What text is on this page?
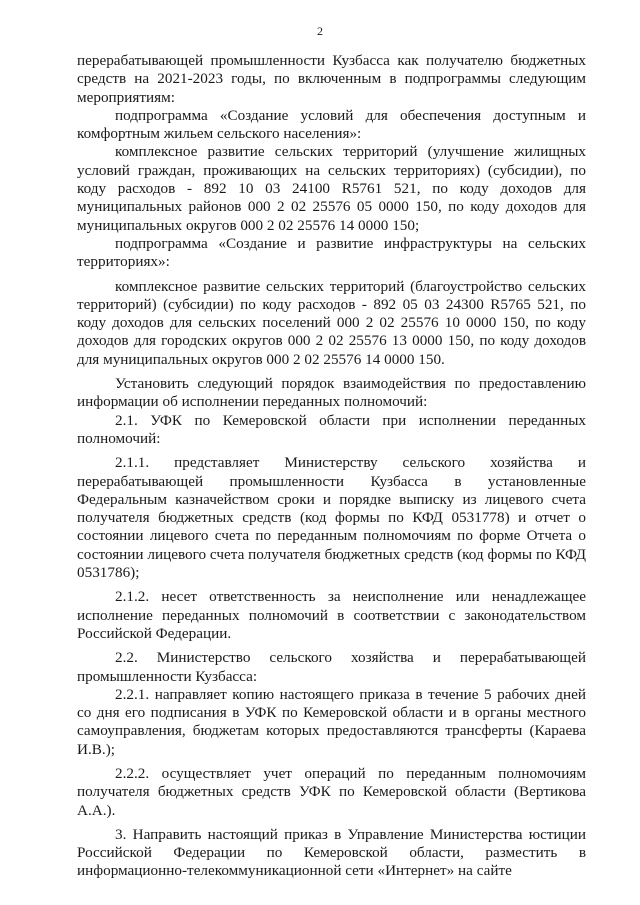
2

перерабатывающей промышленности Кузбасса как получателю бюджетных средств на 2021-2023 годы, по включенным в подпрограммы следующим мероприятиям:

подпрограмма «Создание условий для обеспечения доступным и комфортным жильем сельского населения»:

комплексное развитие сельских территорий (улучшение жилищных условий граждан, проживающих на сельских территориях) (субсидии), по коду расходов - 892 10 03 24100 R5761 521, по коду доходов для муниципальных районов 000 2 02 25576 05 0000 150, по коду доходов для муниципальных округов 000 2 02 25576 14 0000 150;

подпрограмма «Создание и развитие инфраструктуры на сельских территориях»:

комплексное развитие сельских территорий (благоустройство сельских территорий) (субсидии) по коду расходов - 892 05 03 24300 R5765 521, по коду доходов для сельских поселений 000 2 02 25576 10 0000 150, по коду доходов для городских округов 000 2 02 25576 13 0000 150, по коду доходов для муниципальных округов 000 2 02 25576 14 0000 150.

Установить следующий порядок взаимодействия по предоставлению информации об исполнении переданных полномочий:

2.1. УФК по Кемеровской области при исполнении переданных полномочий:

2.1.1. представляет Министерству сельского хозяйства и перерабатывающей промышленности Кузбасса в установленные Федеральным казначейством сроки и порядке выписку из лицевого счета получателя бюджетных средств (код формы по КФД 0531778) и отчет о состоянии лицевого счета по переданным полномочиям по форме Отчета о состоянии лицевого счета получателя бюджетных средств (код формы по КФД 0531786);

2.1.2. несет ответственность за неисполнение или ненадлежащее исполнение переданных полномочий в соответствии с законодательством Российской Федерации.

2.2. Министерство сельского хозяйства и перерабатывающей промышленности Кузбасса:

2.2.1. направляет копию настоящего приказа в течение 5 рабочих дней со дня его подписания в УФК по Кемеровской области и в органы местного самоуправления, бюджетам которых предоставляются трансферты (Караева И.В.);

2.2.2. осуществляет учет операций по переданным полномочиям получателя бюджетных средств УФК по Кемеровской области (Вертикова А.А.).

3. Направить настоящий приказ в Управление Министерства юстиции Российской Федерации по Кемеровской области, разместить в информационно-телекоммуникационной сети «Интернет» на сайте
